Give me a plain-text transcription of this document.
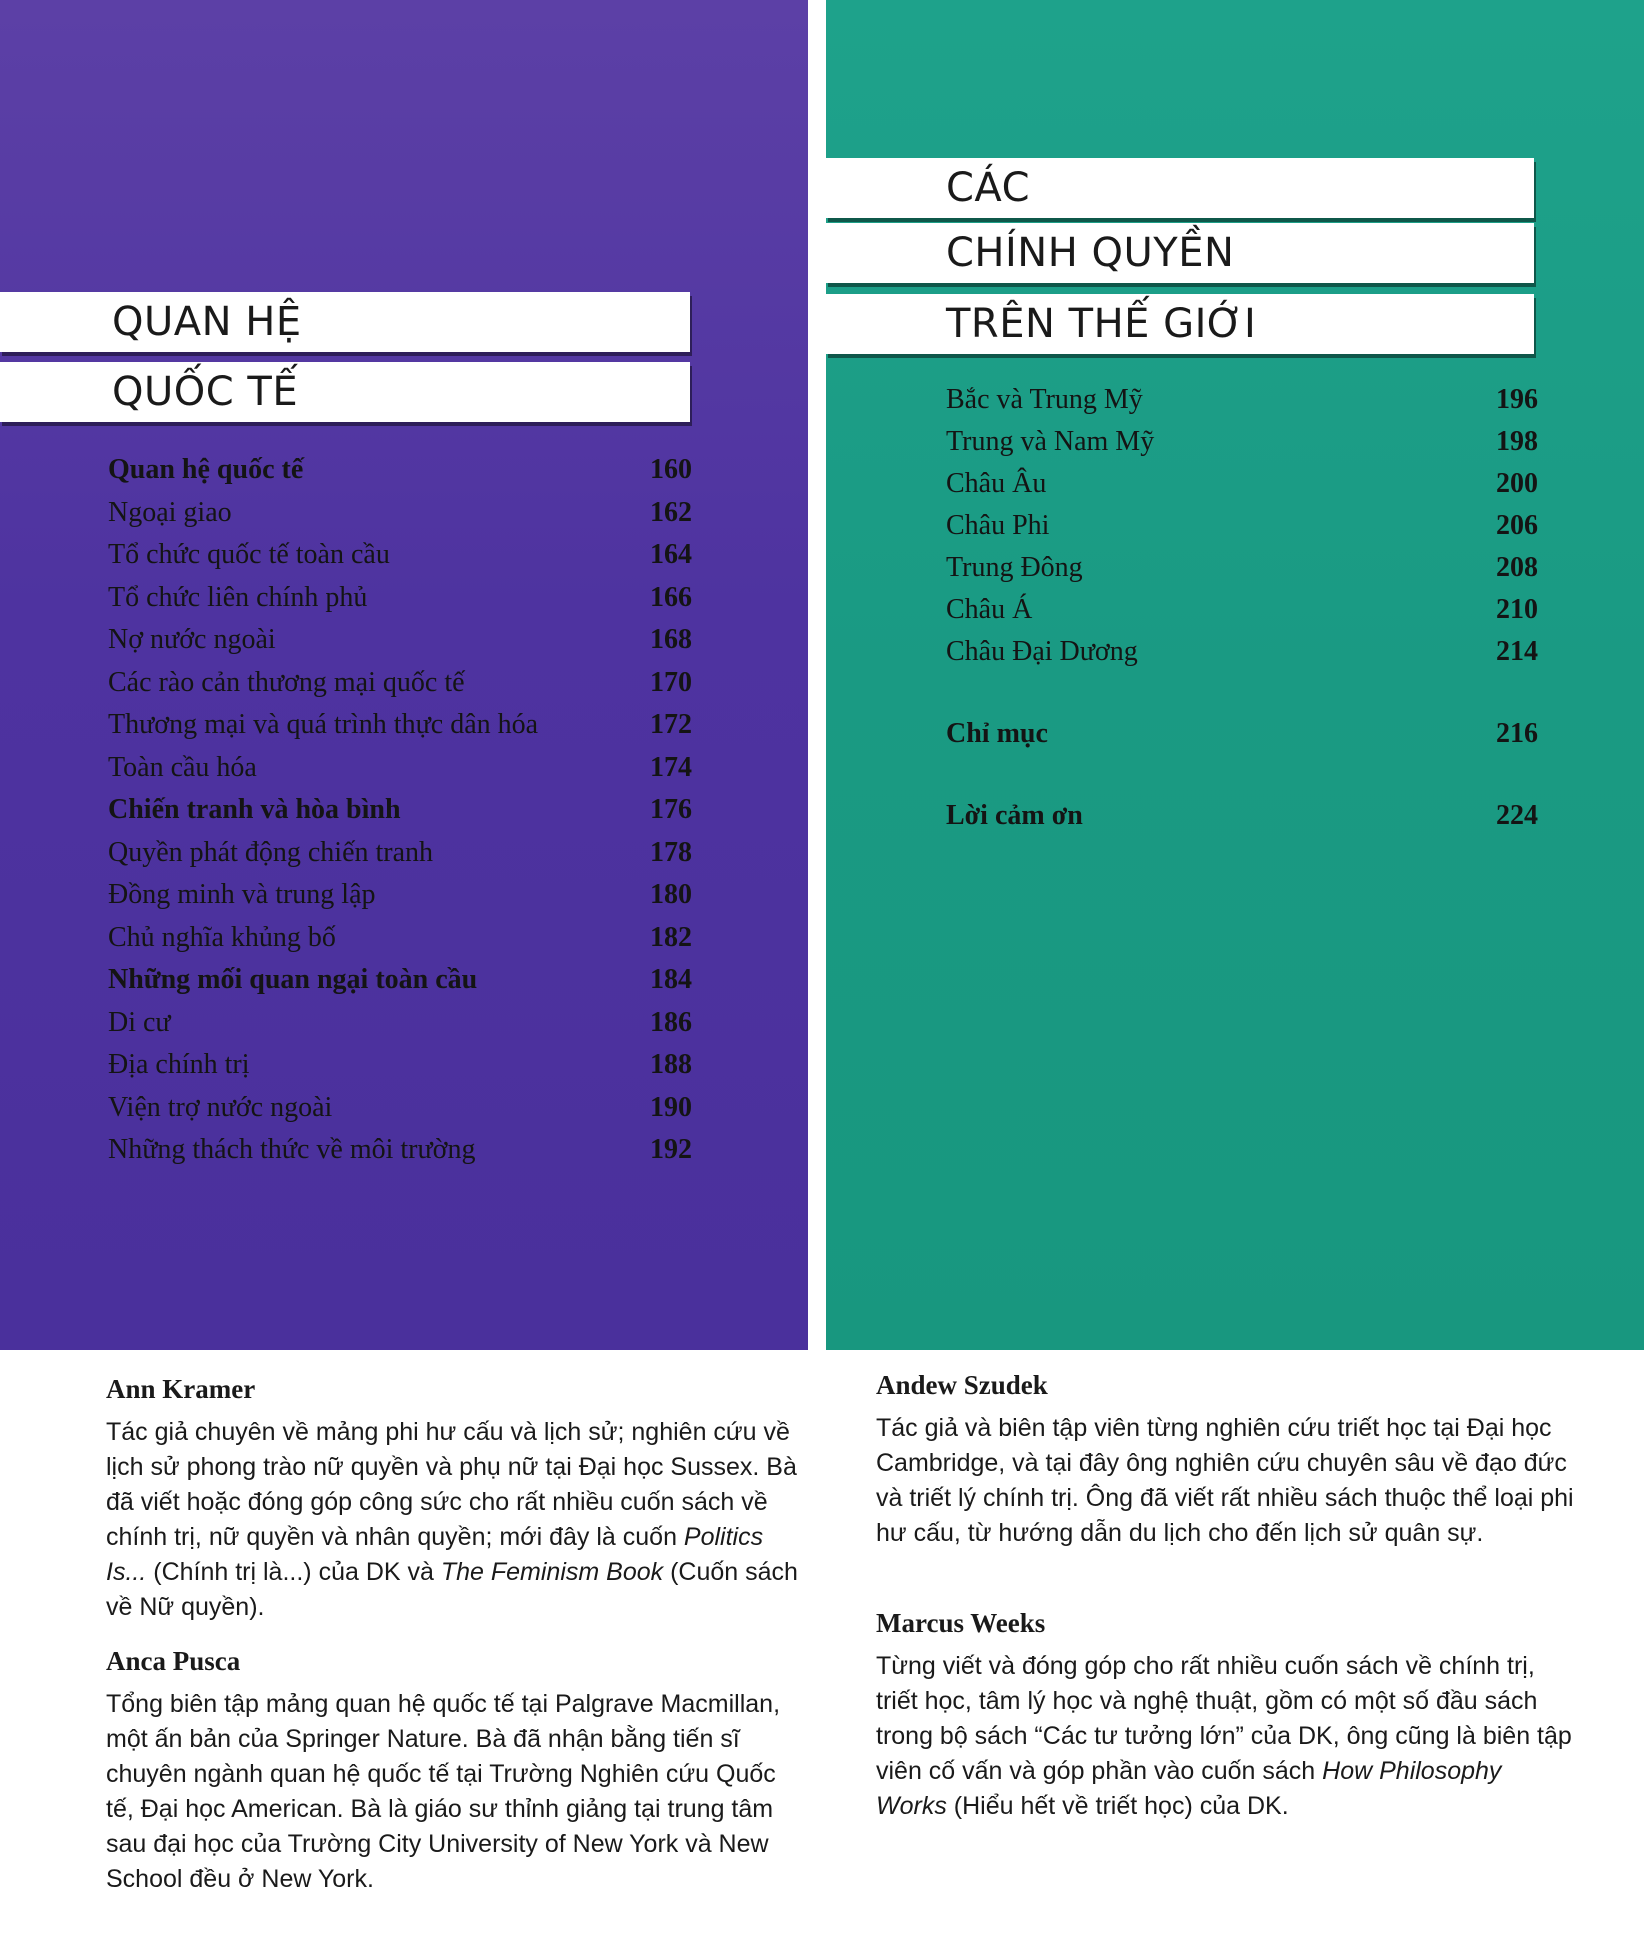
QUAN HỆ
QUỐC TẾ
CÁC
CHÍNH QUYỀN
TRÊN THẾ GIỚI
Quan hệ quốc tế	160
Ngoại giao	162
Tổ chức quốc tế toàn cầu	164
Tổ chức liên chính phủ	166
Nợ nước ngoài	168
Các rào cản thương mại quốc tế	170
Thương mại và quá trình thực dân hóa	172
Toàn cầu hóa	174
Chiến tranh và hòa bình	176
Quyền phát động chiến tranh	178
Đồng minh và trung lập	180
Chủ nghĩa khủng bố	182
Những mối quan ngại toàn cầu	184
Di cư	186
Địa chính trị	188
Viện trợ nước ngoài	190
Những thách thức về môi trường	192
Bắc và Trung Mỹ	196
Trung và Nam Mỹ	198
Châu Âu	200
Châu Phi	206
Trung Đông	208
Châu Á	210
Châu Đại Dương	214
Chỉ mục	216
Lời cảm ơn	224

Ann Kramer

Tác giả chuyên về mảng phi hư cấu và lịch sử; nghiên cứu về lịch sử phong trào nữ quyền và phụ nữ tại Đại học Sussex. Bà đã viết hoặc đóng góp công sức cho rất nhiều cuốn sách về chính trị, nữ quyền và nhân quyền; mới đây là cuốn Politics Is... (Chính trị là...) của DK và The Feminism Book (Cuốn sách về Nữ quyền).

Anca Pusca

Tổng biên tập mảng quan hệ quốc tế tại Palgrave Macmillan, một ấn bản của Springer Nature. Bà đã nhận bằng tiến sĩ chuyên ngành quan hệ quốc tế tại Trường Nghiên cứu Quốc tế, Đại học American. Bà là giáo sư thỉnh giảng tại trung tâm sau đại học của Trường City University of New York và New School đều ở New York.

Andew Szudek

Tác giả và biên tập viên từng nghiên cứu triết học tại Đại học Cambridge, và tại đây ông nghiên cứu chuyên sâu về đạo đức và triết lý chính trị. Ông đã viết rất nhiều sách thuộc thể loại phi hư cấu, từ hướng dẫn du lịch cho đến lịch sử quân sự.

Marcus Weeks

Từng viết và đóng góp cho rất nhiều cuốn sách về chính trị, triết học, tâm lý học và nghệ thuật, gồm có một số đầu sách trong bộ sách “Các tư tưởng lớn” của DK, ông cũng là biên tập viên cố vấn và góp phần vào cuốn sách How Philosophy Works (Hiểu hết về triết học) của DK.
